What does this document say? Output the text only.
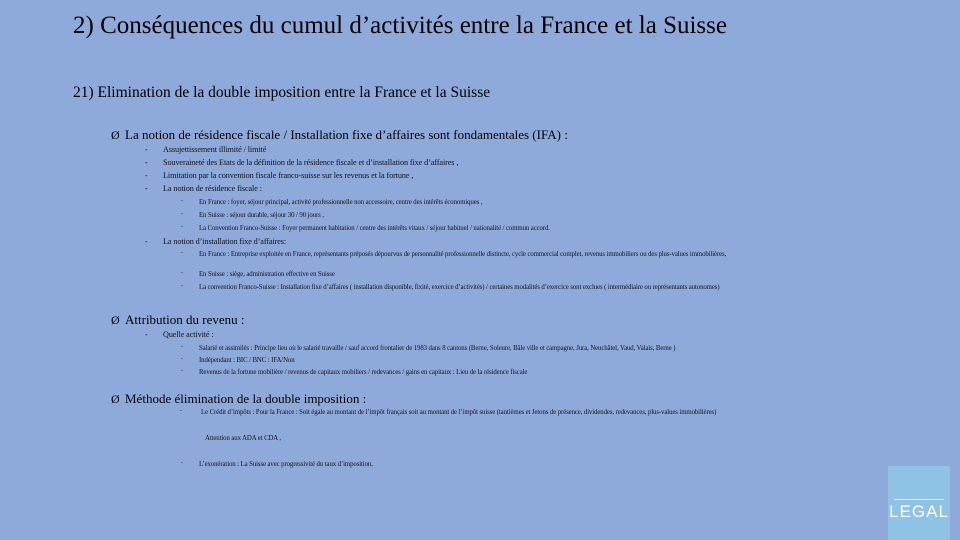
2) Conséquences du cumul d’activités entre la France et la Suisse
21) Elimination de la double imposition entre la France et la Suisse
Ø La notion de résidence fiscale / Installation fixe d’affaires sont fondamentales (IFA) :
- Assujettissement illimité / limité
- Souveraineté des Etats de la définition de la résidence fiscale et d’installation fixe d’affaires ,
- Limitation par la convention fiscale franco-suisse sur les revenus et la fortune ,
- La notion de résidence fiscale :
- En France : foyer, séjour principal, activité professionnelle non accessoire, centre des intérêts économiques ,
- En Suisse : séjour durable, séjour 30 / 90 jours ,
- La Convention Franco-Suisse : Foyer permanent habitation / centre des intérêts vitaux / séjour habituel / nationalité / commun accord.
- La notion d’installation fixe d’affaires:
- En France : Entreprise exploitée en France, représentants préposés dépourvus de personnalité professionnelle distincte, cycle commercial complet, revenus immobiliers ou des plus-values immobilières,
- En Suisse : siège, administration effective en Suisse
- La convention Franco-Suisse : Installation fixe d’affaires ( installation disponible, fixité, exercice d’activités) / certaines modalités d’exercice sont exclues ( intermédiaire ou représentants autonomes)
Ø Attribution du revenu :
- Quelle activité :
- Salarié et assimilés : Principe lieu où le salarié travaille / sauf accord frontalier de 1983 dans 8 cantons (Berne, Soleure, Bâle ville et campagne, Jura, Neuchâtel, Vaud, Valais, Berne )
- Indépendant : BIC / BNC : IFA/Non
- Revenus de la fortune mobilière / revenus de capitaux mobiliers / redevances / gains en capitaux : Lieu de la résidence fiscale
Ø Méthode élimination de la double imposition :
-	Le Crédit d’impôts : Pour la France : Soit égale au montant de l’impôt français soit au montant de l’impôt suisse (tantièmes et Jetons de présence, dividendes, redevances, plus-values immobilières)
Attention aux ADA et CDA ,
- L’exonération : La Suisse avec progressivité du taux d’imposition,
LEGAL
